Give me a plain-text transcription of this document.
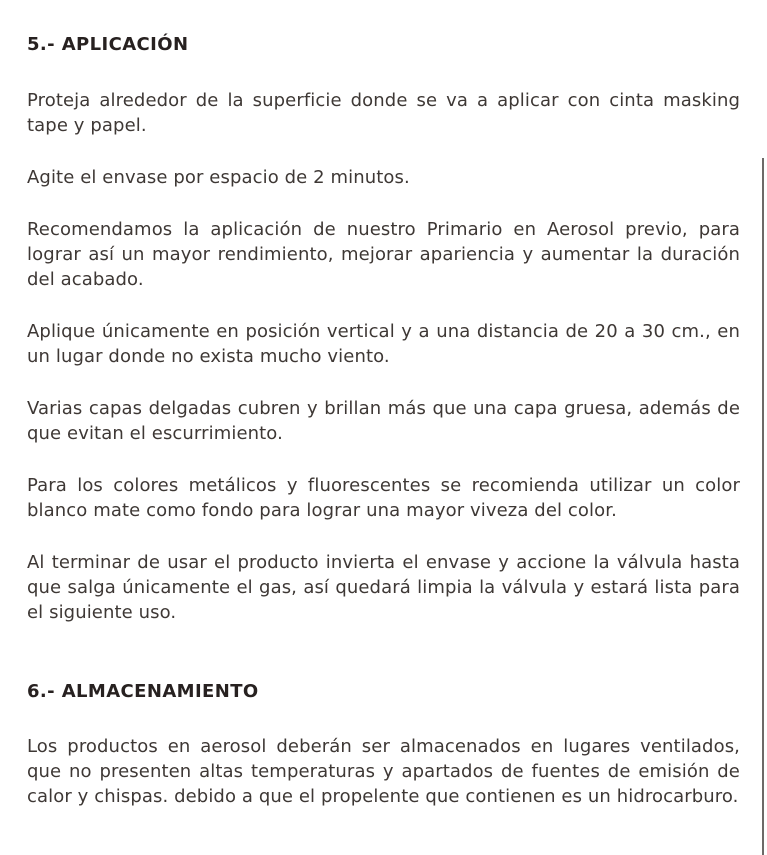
5.- APLICACIÓN

Proteja alrededor de la superficie donde se va a aplicar con cinta masking tape y papel.

Agite el envase por espacio de 2 minutos.

Recomendamos la aplicación de nuestro Primario en Aerosol previo, para lograr así un mayor rendimiento, mejorar apariencia y aumentar la duración del acabado.

Aplique únicamente en posición vertical y a una distancia de 20 a 30 cm., en un lugar donde no exista mucho viento.

Varias capas delgadas cubren y brillan más que una capa gruesa, además de que evitan el escurrimiento.

Para los colores metálicos y fluorescentes se recomienda utilizar un color blanco mate como fondo para lograr una mayor viveza del color.

Al terminar de usar el producto invierta el envase y accione la válvula hasta que salga únicamente el gas, así quedará limpia la válvula y estará lista para el siguiente uso.

6.- ALMACENAMIENTO

Los productos en aerosol deberán ser almacenados en lugares ventilados, que no presenten altas temperaturas y apartados de fuentes de emisión de calor y chispas. debido a que el propelente que contienen es un hidrocarburo.
